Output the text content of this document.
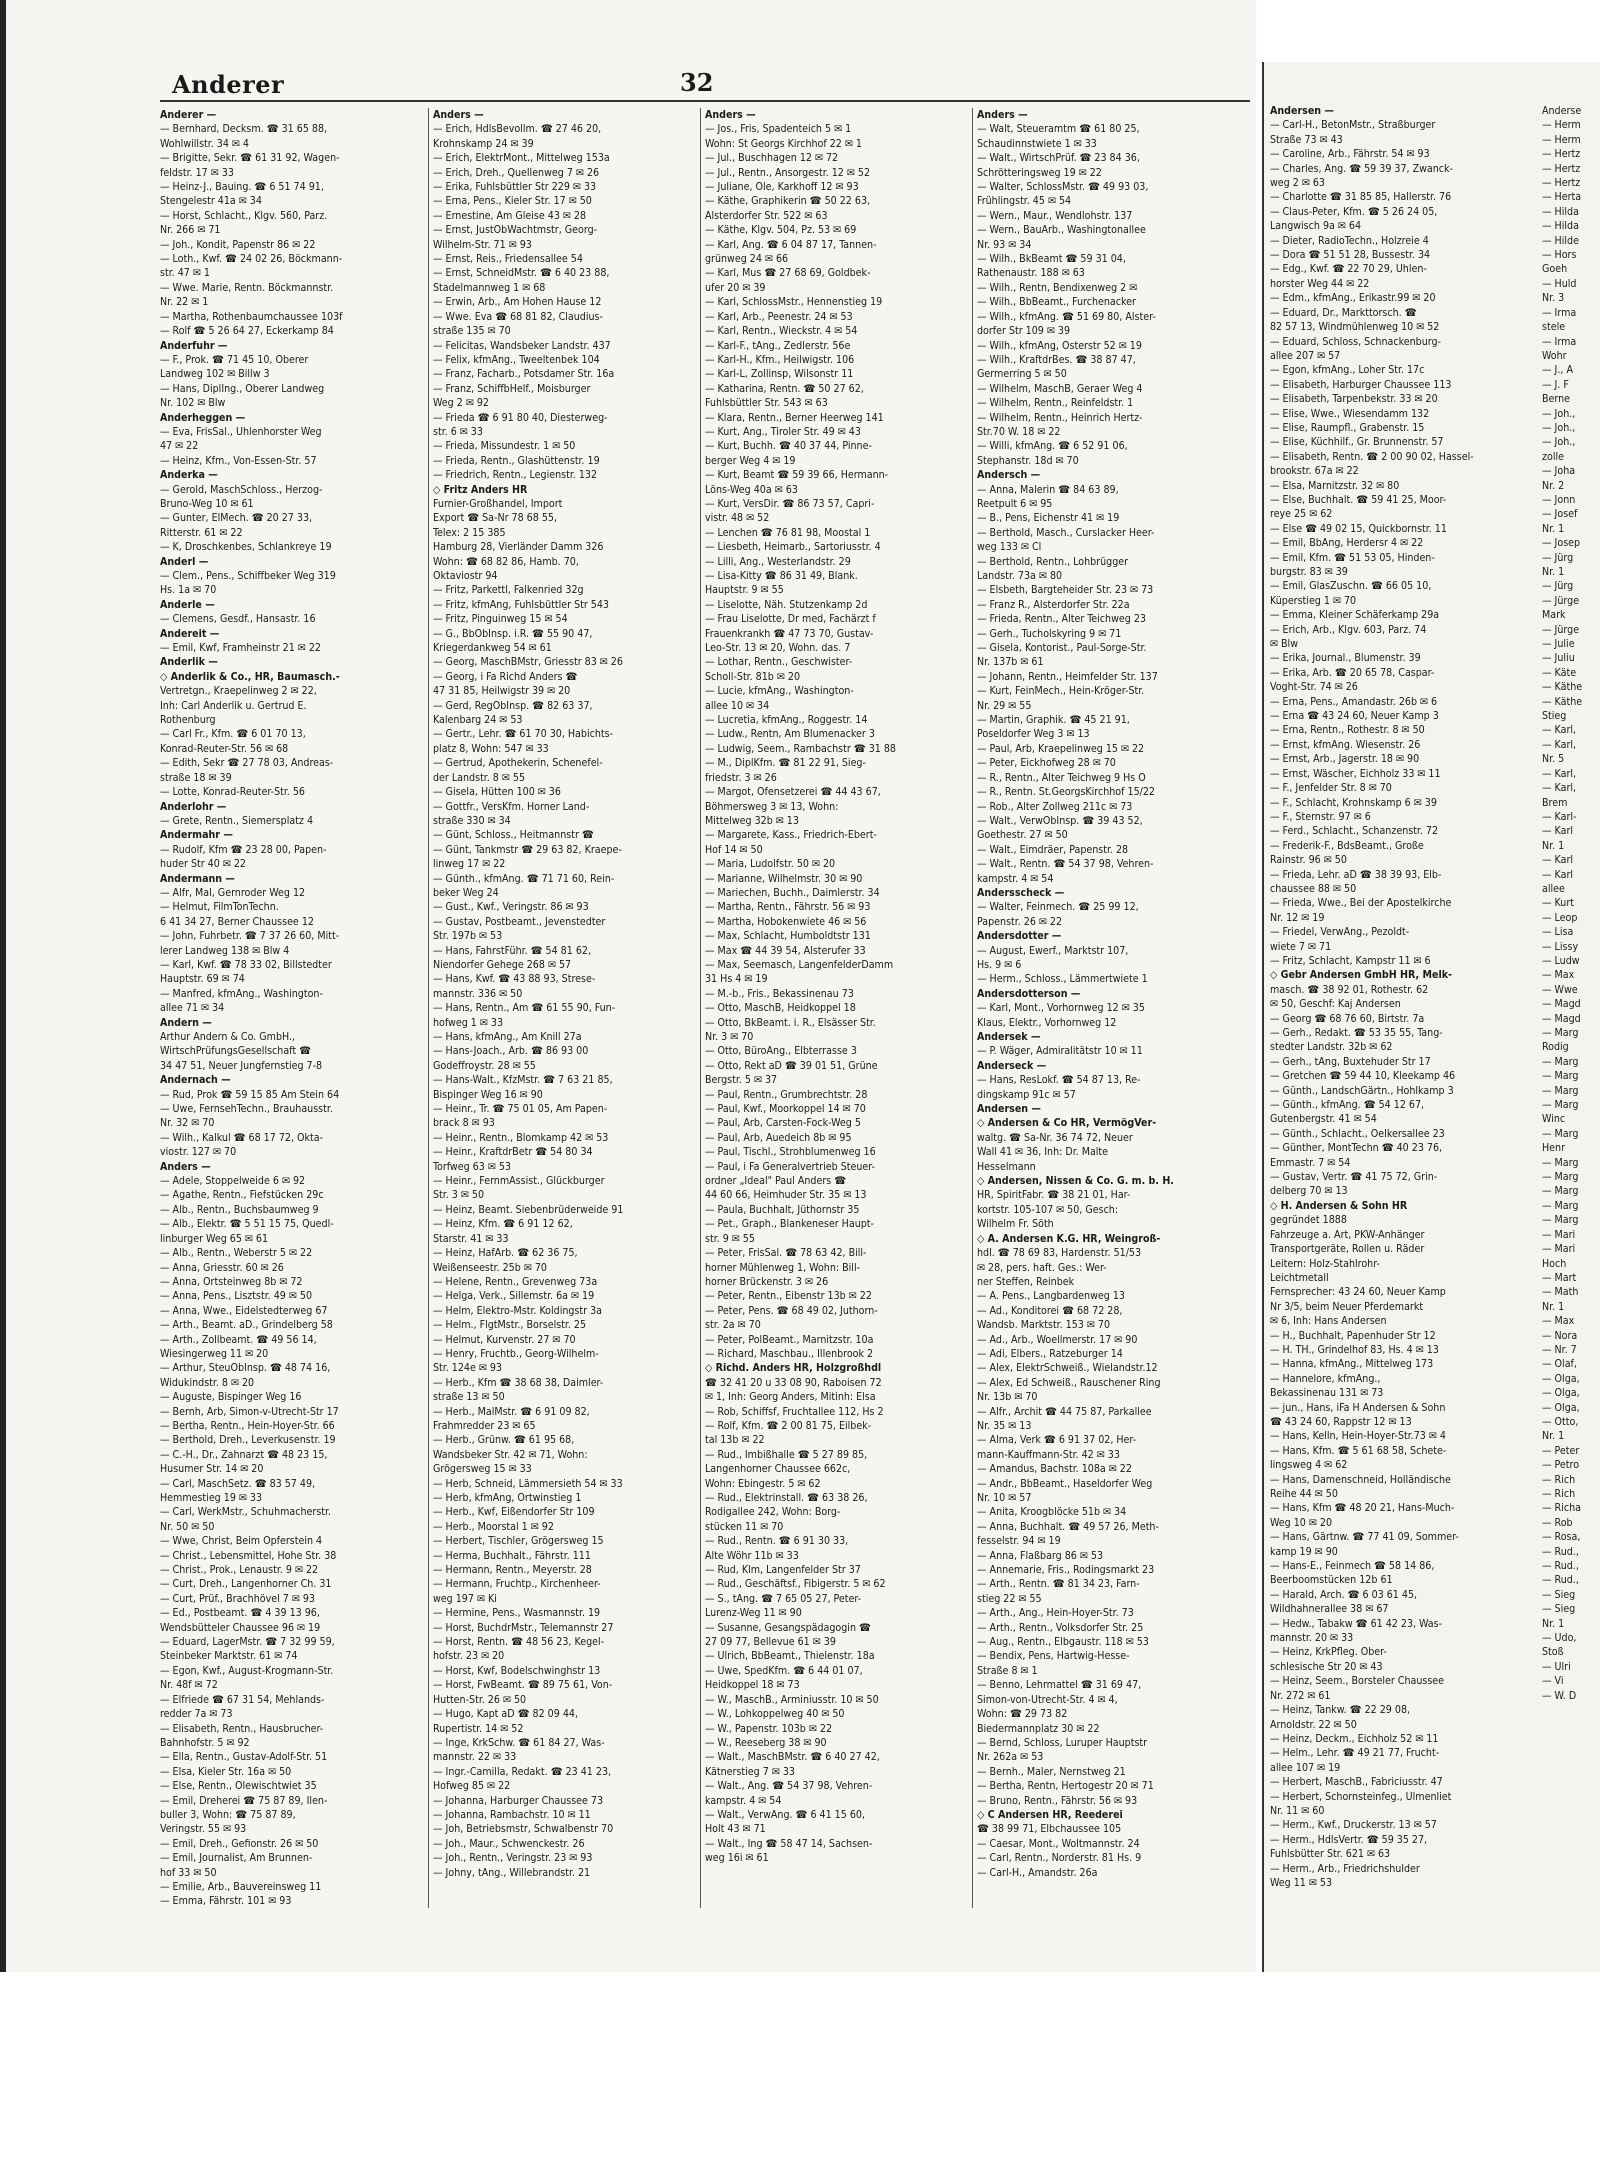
Anderer	32
Anderer —
— Bernhard, Decksm. ☎ 31 65 88,
Wohlwillstr. 34 ✉ 4
— Brigitte, Sekr. ☎ 61 31 92, Wagen-
feldstr. 17 ✉ 33
— Heinz-J., Bauing. ☎ 6 51 74 91,
Stengelestr 41a ✉ 34
— Horst, Schlacht., Klgv. 560, Parz.
Nr. 266 ✉ 71
— Joh., Kondit, Papenstr 86 ✉ 22
— Loth., Kwf. ☎ 24 02 26, Böckmann-
str. 47 ✉ 1
— Wwe. Marie, Rentn. Böckmannstr.
Nr. 22 ✉ 1
— Martha, Rothenbaumchaussee 103f
— Rolf ☎ 5 26 64 27, Eckerkamp 84
Anderfuhr —
— F., Prok. ☎ 71 45 10, Oberer
Landweg 102 ✉ Billw 3
— Hans, DiplIng., Oberer Landweg
Nr. 102 ✉ Blw
Anderheggen —
— Eva, FrisSal., Uhlenhorster Weg
47 ✉ 22
— Heinz, Kfm., Von-Essen-Str. 57
Anderka —
— Gerold, MaschSchloss., Herzog-
Bruno-Weg 10 ✉ 61
— Gunter, ElMech. ☎ 20 27 33,
Ritterstr. 61 ✉ 22
— K, Droschkenbes, Schlankreye 19
Anderl —
— Clem., Pens., Schiffbeker Weg 319
Hs. 1a ✉ 70
Anderle —
— Clemens, Gesdf., Hansastr. 16
Andereit —
— Emil, Kwf, Framheinstr 21 ✉ 22
Anderlik —
◇ Anderlik & Co., HR, Baumasch.-
Vertretgn., Kraepelinweg 2 ✉ 22,
Inh: Carl Anderlik u. Gertrud E.
Rothenburg
— Carl Fr., Kfm. ☎ 6 01 70 13,
Konrad-Reuter-Str. 56 ✉ 68
— Edith, Sekr ☎ 27 78 03, Andreas-
straße 18 ✉ 39
— Lotte, Konrad-Reuter-Str. 56
Anderlohr —
— Grete, Rentn., Siemersplatz 4
Andermahr —
— Rudolf, Kfm ☎ 23 28 00, Papen-
huder Str 40 ✉ 22
Andermann —
— Alfr, Mal, Gernroder Weg 12
— Helmut, FilmTonTechn.
6 41 34 27, Berner Chaussee 12
— John, Fuhrbetr. ☎ 7 37 26 60, Mitt-
lerer Landweg 138 ✉ Blw 4
— Karl, Kwf. ☎ 78 33 02, Billstedter
Hauptstr. 69 ✉ 74
— Manfred, kfmAng., Washington-
allee 71 ✉ 34
Andern —
Arthur Andern & Co. GmbH.,
WirtschPrüfungsGesellschaft ☎
34 47 51, Neuer Jungfernstieg 7-8
Andernach —
— Rud, Prok ☎ 59 15 85 Am Stein 64
— Uwe, FernsehTechn., Brauhausstr.
Nr. 32 ✉ 70
— Wilh., Kalkul ☎ 68 17 72, Okta-
viostr. 127 ✉ 70
Anders —
— Adele, Stoppelweide 6 ✉ 92
— Agathe, Rentn., Fiefstücken 29c
— Alb., Rentn., Buchsbaumweg 9
— Alb., Elektr. ☎ 5 51 15 75, Quedl-
linburger Weg 65 ✉ 61
— Alb., Rentn., Weberstr 5 ✉ 22
— Anna, Griesstr. 60 ✉ 26
— Anna, Ortsteinweg 8b ✉ 72
— Anna, Pens., Lisztstr. 49 ✉ 50
— Anna, Wwe., Eidelstedterweg 67
— Arth., Beamt. aD., Grindelberg 58
— Arth., Zollbeamt. ☎ 49 56 14,
Wiesingerweg 11 ✉ 20
— Arthur, SteuObInsp. ☎ 48 74 16,
Widukindstr. 8 ✉ 20
— Auguste, Bispinger Weg 16
— Bernh, Arb, Simon-v-Utrecht-Str 17
— Bertha, Rentn., Hein-Hoyer-Str. 66
— Berthold, Dreh., Leverkusenstr. 19
— C.-H., Dr., Zahnarzt ☎ 48 23 15,
Husumer Str. 14 ✉ 20
— Carl, MaschSetz. ☎ 83 57 49,
Hemmestieg 19 ✉ 33
— Carl, WerkMstr., Schuhmacherstr.
Nr. 50 ✉ 50
— Wwe, Christ, Beim Opferstein 4
— Christ., Lebensmittel, Hohe Str. 38
— Christ., Prok., Lenaustr. 9 ✉ 22
— Curt, Dreh., Langenhorner Ch. 31
— Curt, Prüf., Brachhövel 7 ✉ 93
— Ed., Postbeamt. ☎ 4 39 13 96,
Wendsbütteler Chaussee 96 ✉ 19
— Eduard, LagerMstr. ☎ 7 32 99 59,
Steinbeker Marktstr. 61 ✉ 74
— Egon, Kwf., August-Krogmann-Str.
Nr. 48f ✉ 72
— Elfriede ☎ 67 31 54, Mehlands-
redder 7a ✉ 73
— Elisabeth, Rentn., Hausbrucher-
Bahnhofstr. 5 ✉ 92
— Ella, Rentn., Gustav-Adolf-Str. 51
— Elsa, Kieler Str. 16a ✉ 50
— Else, Rentn., Olewischtwiet 35
— Emil, Dreherei ☎ 75 87 89, Ilen-
buller 3, Wohn: ☎ 75 87 89,
Veringstr. 55 ✉ 93
— Emil, Dreh., Gefionstr. 26 ✉ 50
— Emil, Journalist, Am Brunnen-
hof 33 ✉ 50
— Emilie, Arb., Bauvereinsweg 11
— Emma, Fährstr. 101 ✉ 93
Anders —
— Erich, HdlsBevollm. ☎ 27 46 20,
Krohnskamp 24 ✉ 39
— Erich, ElektrMont., Mittelweg 153a
— Erich, Dreh., Quellenweg 7 ✉ 26
— Erika, Fuhlsbüttler Str 229 ✉ 33
— Erna, Pens., Kieler Str. 17 ✉ 50
— Ernestine, Am Gleise 43 ✉ 28
— Ernst, JustObWachtmstr, Georg-
Wilhelm-Str. 71 ✉ 93
— Ernst, Reis., Friedensallee 54
— Ernst, SchneidMstr. ☎ 6 40 23 88,
Stadelmannweg 1 ✉ 68
— Erwin, Arb., Am Hohen Hause 12
— Wwe. Eva ☎ 68 81 82, Claudius-
straße 135 ✉ 70
— Felicitas, Wandsbeker Landstr. 437
— Felix, kfmAng., Tweeltenbek 104
— Franz, Facharb., Potsdamer Str. 16a
— Franz, SchiffbHelf., Moisburger
Weg 2 ✉ 92
— Frieda ☎ 6 91 80 40, Diesterweg-
str. 6 ✉ 33
— Frieda, Missundestr. 1 ✉ 50
— Frieda, Rentn., Glashüttenstr. 19
— Friedrich, Rentn., Legienstr. 132
◇ Fritz Anders HR
Furnier-Großhandel, Import
Export ☎ Sa-Nr 78 68 55,
Telex: 2 15 385
Hamburg 28, Vierländer Damm 326
Wohn: ☎ 68 82 86, Hamb. 70,
Oktaviostr 94
— Fritz, Parkettl, Falkenried 32g
— Fritz, kfmAng, Fuhlsbüttler Str 543
— Fritz, Pinguinweg 15 ✉ 54
— G., BbObInsp. i.R. ☎ 55 90 47,
Kriegerdankweg 54 ✉ 61
— Georg, MaschBMstr, Griesstr 83 ✉ 26
— Georg, i Fa Richd Anders ☎
47 31 85, Heilwigstr 39 ✉ 20
— Gerd, RegObInsp. ☎ 82 63 37,
Kalenbarg 24 ✉ 53
— Gertr., Lehr. ☎ 61 70 30, Habichts-
platz 8, Wohn: 547 ✉ 33
— Gertrud, Apothekerin, Schenefel-
der Landstr. 8 ✉ 55
— Gisela, Hütten 100 ✉ 36
— Gottfr., VersKfm. Horner Land-
straße 330 ✉ 34
— Günt, Schloss., Heitmannstr ☎
— Günt, Tankmstr ☎ 29 63 82, Kraepe-
linweg 17 ✉ 22
— Günth., kfmAng. ☎ 71 71 60, Rein-
beker Weg 24
— Gust., Kwf., Veringstr. 86 ✉ 93
— Gustav, Postbeamt., Jevenstedter
Str. 197b ✉ 53
— Hans, FahrstFühr. ☎ 54 81 62,
Niendorfer Gehege 268 ✉ 57
— Hans, Kwf. ☎ 43 88 93, Strese-
mannstr. 336 ✉ 50
— Hans, Rentn., Am ☎ 61 55 90, Fun-
hofweg 1 ✉ 33
— Hans, kfmAng., Am Knill 27a
— Hans-Joach., Arb. ☎ 86 93 00
Godeffroystr. 28 ✉ 55
— Hans-Walt., KfzMstr. ☎ 7 63 21 85,
Bispinger Weg 16 ✉ 90
— Heinr., Tr. ☎ 75 01 05, Am Papen-
brack 8 ✉ 93
— Heinr., Rentn., Blomkamp 42 ✉ 53
— Heinr., KraftdrBetr ☎ 54 80 34
Torfweg 63 ✉ 53
— Heinr., FernmAssist., Glückburger
Str. 3 ✉ 50
— Heinz, Beamt. Siebenbrüderweide 91
— Heinz, Kfm. ☎ 6 91 12 62,
Starstr. 41 ✉ 33
— Heinz, HafArb. ☎ 62 36 75,
Weißenseestr. 25b ✉ 70
— Helene, Rentn., Grevenweg 73a
— Helga, Verk., Sillemstr. 6a ✉ 19
— Helm, Elektro-Mstr. Koldingstr 3a
— Helm., FlgtMstr., Borselstr. 25
— Helmut, Kurvenstr. 27 ✉ 70
— Henry, Fruchtb., Georg-Wilhelm-
Str. 124e ✉ 93
— Herb., Kfm ☎ 38 68 38, Daimler-
straße 13 ✉ 50
— Herb., MalMstr. ☎ 6 91 09 82,
Frahmredder 23 ✉ 65
— Herb., Grünw. ☎ 61 95 68,
Wandsbeker Str. 42 ✉ 71, Wohn:
Grögersweg 15 ✉ 33
— Herb, Schneid, Lämmersieth 54 ✉ 33
— Herb, kfmAng, Ortwinstieg 1
— Herb., Kwf, Eißendorfer Str 109
— Herb., Moorstal 1 ✉ 92
— Herbert, Tischler, Grögersweg 15
— Herma, Buchhalt., Fährstr. 111
— Hermann, Rentn., Meyerstr. 28
— Hermann, Fruchtp., Kirchenheer-
weg 197 ✉ Ki
— Hermine, Pens., Wasmannstr. 19
— Horst, BuchdrMstr., Telemannstr 27
— Horst, Rentn. ☎ 48 56 23, Kegel-
hofstr. 23 ✉ 20
— Horst, Kwf, Bodelschwinghstr 13
— Horst, FwBeamt. ☎ 89 75 61, Von-
Hutten-Str. 26 ✉ 50
— Hugo, Kapt aD ☎ 82 09 44,
Rupertistr. 14 ✉ 52
— Inge, KrkSchw. ☎ 61 84 27, Was-
mannstr. 22 ✉ 33
— Ingr.-Camilla, Redakt. ☎ 23 41 23,
Hofweg 85 ✉ 22
— Johanna, Harburger Chaussee 73
— Johanna, Rambachstr. 10 ✉ 11
— Joh, Betriebsmstr, Schwalbenstr 70
— Joh., Maur., Schwenckestr. 26
— Joh., Rentn., Veringstr. 23 ✉ 93
— Johny, tAng., Willebrandstr. 21
Anders —
— Jos., Fris, Spadenteich 5 ✉ 1
Wohn: St Georgs Kirchhof 22 ✉ 1
— Jul., Buschhagen 12 ✉ 72
— Jul., Rentn., Ansorgestr. 12 ✉ 52
— Juliane, Ole, Karkhoff 12 ✉ 93
— Käthe, Graphikerin ☎ 50 22 63,
Alsterdorfer Str. 522 ✉ 63
— Käthe, Klgv. 504, Pz. 53 ✉ 69
— Karl, Ang. ☎ 6 04 87 17, Tannen-
grünweg 24 ✉ 66
— Karl, Mus ☎ 27 68 69, Goldbek-
ufer 20 ✉ 39
— Karl, SchlossMstr., Hennenstieg 19
— Karl, Arb., Peenestr. 24 ✉ 53
— Karl, Rentn., Wieckstr. 4 ✉ 54
— Karl-F., tAng., Zedlerstr. 56e
— Karl-H., Kfm., Heilwigstr. 106
— Karl-L, Zollinsp, Wilsonstr 11
— Katharina, Rentn. ☎ 50 27 62,
Fuhlsbüttler Str. 543 ✉ 63
— Klara, Rentn., Berner Heerweg 141
— Kurt, Ang., Tiroler Str. 49 ✉ 43
— Kurt, Buchh. ☎ 40 37 44, Pinne-
berger Weg 4 ✉ 19
— Kurt, Beamt ☎ 59 39 66, Hermann-
Löns-Weg 40a ✉ 63
— Kurt, VersDir. ☎ 86 73 57, Capri-
vistr. 48 ✉ 52
— Lenchen ☎ 76 81 98, Moostal 1
— Liesbeth, Heimarb., Sartoriusstr. 4
— Lilli, Ang., Westerlandstr. 29
— Lisa-Kitty ☎ 86 31 49, Blank.
Hauptstr. 9 ✉ 55
— Liselotte, Näh. Stutzenkamp 2d
— Frau Liselotte, Dr med, Fachärzt f
Frauenkrankh ☎ 47 73 70, Gustav-
Leo-Str. 13 ✉ 20, Wohn. das. 7
— Lothar, Rentn., Geschwister-
Scholl-Str. 81b ✉ 20
— Lucie, kfmAng., Washington-
allee 10 ✉ 34
— Lucretia, kfmAng., Roggestr. 14
— Ludw., Rentn, Am Blumenacker 3
— Ludwig, Seem., Rambachstr ☎ 31 88
— M., DiplKfm. ☎ 81 22 91, Sieg-
friedstr. 3 ✉ 26
— Margot, Ofensetzerei ☎ 44 43 67,
Böhmersweg 3 ✉ 13, Wohn:
Mittelweg 32b ✉ 13
— Margarete, Kass., Friedrich-Ebert-
Hof 14 ✉ 50
— Maria, Ludolfstr. 50 ✉ 20
— Marianne, Wilhelmstr. 30 ✉ 90
— Mariechen, Buchh., Daimlerstr. 34
— Martha, Rentn., Fährstr. 56 ✉ 93
— Martha, Hobokenwiete 46 ✉ 56
— Max, Schlacht, Humboldtstr 131
— Max ☎ 44 39 54, Alsterufer 33
— Max, Seemasch, LangenfelderDamm
31 Hs 4 ✉ 19
— M.-b., Fris., Bekassinenau 73
— Otto, MaschB, Heidkoppel 18
— Otto, BkBeamt. i. R., Elsässer Str.
Nr. 3 ✉ 70
— Otto, BüroAng., Elbterrasse 3
— Otto, Rekt aD ☎ 39 01 51, Grüne
Bergstr. 5 ✉ 37
— Paul, Rentn., Grumbrechtstr. 28
— Paul, Kwf., Moorkoppel 14 ✉ 70
— Paul, Arb, Carsten-Fock-Weg 5
— Paul, Arb, Auedeich 8b ✉ 95
— Paul, Tischl., Strohblumenweg 16
— Paul, i Fa Generalvertrieb Steuer-
ordner „Ideal" Paul Anders ☎
44 60 66, Heimhuder Str. 35 ✉ 13
— Paula, Buchhalt, Jüthornstr 35
— Pet., Graph., Blankeneser Haupt-
str. 9 ✉ 55
— Peter, FrisSal. ☎ 78 63 42, Bill-
horner Mühlenweg 1, Wohn: Bill-
horner Brückenstr. 3 ✉ 26
— Peter, Rentn., Eibenstr 13b ✉ 22
— Peter, Pens. ☎ 68 49 02, Juthorn-
str. 2a ✉ 70
— Peter, PolBeamt., Marnitzstr. 10a
— Richard, Maschbau., Illenbrook 2
◇ Richd. Anders HR, Holzgroßhdl
☎ 32 41 20 u 33 08 90, Raboisen 72
✉ 1, Inh: Georg Anders, Mitinh: Elsa
— Rob, Schiffsf, Fruchtallee 112, Hs 2
— Rolf, Kfm. ☎ 2 00 81 75, Eilbek-
tal 13b ✉ 22
— Rud., Imbißhalle ☎ 5 27 89 85,
Langenhorner Chaussee 662c,
Wohn: Ebingestr. 5 ✉ 62
— Rud., Elektrinstall. ☎ 63 38 26,
Rodigallee 242, Wohn: Borg-
stücken 11 ✉ 70
— Rud., Rentn. ☎ 6 91 30 33,
Alte Wöhr 11b ✉ 33
— Rud, Klm, Langenfelder Str 37
— Rud., Geschäftsf., Fibigerstr. 5 ✉ 62
— S., tAng. ☎ 7 65 05 27, Peter-
Lurenz-Weg 11 ✉ 90
— Susanne, Gesangspädagogin ☎
27 09 77, Bellevue 61 ✉ 39
— Ulrich, BbBeamt., Thielenstr. 18a
— Uwe, SpedKfm. ☎ 6 44 01 07,
Heidkoppel 18 ✉ 73
— W., MaschB., Arminiusstr. 10 ✉ 50
— W., Lohkoppelweg 40 ✉ 50
— W., Papenstr. 103b ✉ 22
— W., Reeseberg 38 ✉ 90
— Walt., MaschBMstr. ☎ 6 40 27 42,
Kätnerstieg 7 ✉ 33
— Walt., Ang. ☎ 54 37 98, Vehren-
kampstr. 4 ✉ 54
— Walt., VerwAng. ☎ 6 41 15 60,
Holt 43 ✉ 71
— Walt., Ing ☎ 58 47 14, Sachsen-
weg 16i ✉ 61
Anders —
— Walt, Steueramtm ☎ 61 80 25,
Schaudinnstwiete 1 ✉ 33
— Walt., WirtschPrüf. ☎ 23 84 36,
Schrötteringsweg 19 ✉ 22
— Walter, SchlossMstr. ☎ 49 93 03,
Frühlingstr. 45 ✉ 54
— Wern., Maur., Wendlohstr. 137
— Wern., BauArb., Washingtonallee
Nr. 93 ✉ 34
— Wilh., BkBeamt ☎ 59 31 04,
Rathenaustr. 188 ✉ 63
— Wilh., Rentn, Bendixenweg 2 ✉
— Wilh., BbBeamt., Furchenacker
— Wilh., kfmAng. ☎ 51 69 80, Alster-
dorfer Str 109 ✉ 39
— Wilh., kfmAng, Osterstr 52 ✉ 19
— Wilh., KraftdrBes. ☎ 38 87 47,
Germerring 5 ✉ 50
— Wilhelm, MaschB, Geraer Weg 4
— Wilhelm, Rentn., Reinfeldstr. 1
— Wilhelm, Rentn., Heinrich Hertz-
Str.70 W. 18 ✉ 22
— Willi, kfmAng. ☎ 6 52 91 06,
Stephanstr. 18d ✉ 70
Andersch —
— Anna, Malerin ☎ 84 63 89,
Reetpult 6 ✉ 95
— B., Pens, Eichenstr 41 ✉ 19
— Berthold, Masch., Curslacker Heer-
weg 133 ✉ Cl
— Berthold, Rentn., Lohbrügger
Landstr. 73a ✉ 80
— Elsbeth, Bargteheider Str. 23 ✉ 73
— Franz R., Alsterdorfer Str. 22a
— Frieda, Rentn., Alter Teichweg 23
— Gerh., Tucholskyring 9 ✉ 71
— Gisela, Kontorist., Paul-Sorge-Str.
Nr. 137b ✉ 61
— Johann, Rentn., Heimfelder Str. 137
— Kurt, FeinMech., Hein-Kröger-Str.
Nr. 29 ✉ 55
— Martin, Graphik. ☎ 45 21 91,
Poseldorfer Weg 3 ✉ 13
— Paul, Arb, Kraepelinweg 15 ✉ 22
— Peter, Eickhofweg 28 ✉ 70
— R., Rentn., Alter Teichweg 9 Hs O
— R., Rentn. St.GeorgsKirchhof 15/22
— Rob., Alter Zollweg 211c ✉ 73
— Walt., VerwObInsp. ☎ 39 43 52,
Goethestr. 27 ✉ 50
— Walt., Eimdräer, Papenstr. 28
— Walt., Rentn. ☎ 54 37 98, Vehren-
kampstr. 4 ✉ 54
Andersscheck —
— Walter, Feinmech. ☎ 25 99 12,
Papenstr. 26 ✉ 22
Andersdotter —
— August, Ewerf., Marktstr 107,
Hs. 9 ✉ 6
— Herm., Schloss., Lämmertwiete 1
Andersdotterson —
— Karl, Mont., Vorhornweg 12 ✉ 35
Klaus, Elektr., Vorhornweg 12
Andersek —
— P. Wäger, Admiralitätstr 10 ✉ 11
Anderseck —
— Hans, ResLokf. ☎ 54 87 13, Re-
dingskamp 91c ✉ 57
Andersen —
◇ Andersen & Co HR, VermögVer-
waltg. ☎ Sa-Nr. 36 74 72, Neuer
Wall 41 ✉ 36, Inh: Dr. Malte
Hesselmann
◇ Andersen, Nissen & Co. G. m. b. H.
HR, SpiritFabr. ☎ 38 21 01, Har-
kortstr. 105-107 ✉ 50, Gesch:
Wilhelm Fr. Söth
◇ A. Andersen K.G. HR, Weingroß-
hdl. ☎ 78 69 83, Hardenstr. 51/53
✉ 28, pers. haft. Ges.: Wer-
ner Steffen, Reinbek
— A. Pens., Langbardenweg 13
— Ad., Konditorei ☎ 68 72 28,
Wandsb. Marktstr. 153 ✉ 70
— Ad., Arb., Woellmerstr. 17 ✉ 90
— Adi, Elbers., Ratzeburger 14
— Alex, ElektrSchweiß., Wielandstr.12
— Alex, Ed Schweiß., Rauschener Ring
Nr. 13b ✉ 70
— Alfr., Archit ☎ 44 75 87, Parkallee
Nr. 35 ✉ 13
— Alma, Verk ☎ 6 91 37 02, Her-
mann-Kauffmann-Str. 42 ✉ 33
— Amandus, Bachstr. 108a ✉ 22
— Andr., BbBeamt., Haseldorfer Weg
Nr. 10 ✉ 57
— Anita, Kroogblöcke 51b ✉ 34
— Anna, Buchhalt. ☎ 49 57 26, Meth-
fesselstr. 94 ✉ 19
— Anna, Flaßbarg 86 ✉ 53
— Annemarie, Fris., Rodingsmarkt 23
— Arth., Rentn. ☎ 81 34 23, Farn-
stieg 22 ✉ 55
— Arth., Ang., Hein-Hoyer-Str. 73
— Arth., Rentn., Volksdorfer Str. 25
— Aug., Rentn., Elbgaustr. 118 ✉ 53
— Bendix, Pens, Hartwig-Hesse-
Straße 8 ✉ 1
— Benno, Lehrmattel ☎ 31 69 47,
Simon-von-Utrecht-Str. 4 ✉ 4,
Wohn: ☎ 29 73 82
Biedermannplatz 30 ✉ 22
— Bernd, Schloss, Luruper Hauptstr
Nr. 262a ✉ 53
— Bernh., Maler, Nernstweg 21
— Bertha, Rentn, Hertogestr 20 ✉ 71
— Bruno, Rentn., Fährstr. 56 ✉ 93
◇ C Andersen HR, Reederei
☎ 38 99 71, Elbchaussee 105
— Caesar, Mont., Woltmannstr. 24
— Carl, Rentn., Norderstr. 81 Hs. 9
— Carl-H., Amandstr. 26a
Andersen —
— Carl-H., BetonMstr., Straßburger
Straße 73 ✉ 43
— Caroline, Arb., Fährstr. 54 ✉ 93
— Charles, Ang. ☎ 59 39 37, Zwanck-
weg 2 ✉ 63
— Charlotte ☎ 31 85 85, Hallerstr. 76
— Claus-Peter, Kfm. ☎ 5 26 24 05,
Langwisch 9a ✉ 64
— Dieter, RadioTechn., Holzreie 4
— Dora ☎ 51 51 28, Bussestr. 34
— Edg., Kwf. ☎ 22 70 29, Uhlen-
horster Weg 44 ✉ 22
— Edm., kfmAng., Erikastr.99 ✉ 20
— Eduard, Dr., Markttorsch. ☎
82 57 13, Windmühlenweg 10 ✉ 52
— Eduard, Schloss, Schnackenburg-
allee 207 ✉ 57
— Egon, kfmAng., Loher Str. 17c
— Elisabeth, Harburger Chaussee 113
— Elisabeth, Tarpenbekstr. 33 ✉ 20
— Elise, Wwe., Wiesendamm 132
— Elise, Raumpfl., Grabenstr. 15
— Elise, Küchhilf., Gr. Brunnenstr. 57
— Elisabeth, Rentn. ☎ 2 00 90 02, Hassel-
brookstr. 67a ✉ 22
— Elsa, Marnitzstr. 32 ✉ 80
— Else, Buchhalt. ☎ 59 41 25, Moor-
reye 25 ✉ 62
— Else ☎ 49 02 15, Quickbornstr. 11
— Emil, BbAng, Herdersr 4 ✉ 22
— Emil, Kfm. ☎ 51 53 05, Hinden-
burgstr. 83 ✉ 39
— Emil, GlasZuschn. ☎ 66 05 10,
Küperstieg 1 ✉ 70
— Emma, Kleiner Schäferkamp 29a
— Erich, Arb., Klgv. 603, Parz. 74
✉ Blw
— Erika, Journal., Blumenstr. 39
— Erika, Arb. ☎ 20 65 78, Caspar-
Voght-Str. 74 ✉ 26
— Erna, Pens., Amandastr. 26b ✉ 6
— Erna ☎ 43 24 60, Neuer Kamp 3
— Erna, Rentn., Rothestr. 8 ✉ 50
— Ernst, kfmAng. Wiesenstr. 26
— Ernst, Arb., Jagerstr. 18 ✉ 90
— Ernst, Wäscher, Eichholz 33 ✉ 11
— F., Jenfelder Str. 8 ✉ 70
— F., Schlacht, Krohnskamp 6 ✉ 39
— F., Sternstr. 97 ✉ 6
— Ferd., Schlacht., Schanzenstr. 72
— Frederik-F., BdsBeamt., Große
Rainstr. 96 ✉ 50
— Frieda, Lehr. aD ☎ 38 39 93, Elb-
chaussee 88 ✉ 50
— Frieda, Wwe., Bei der Apostelkirche
Nr. 12 ✉ 19
— Friedel, VerwAng., Pezoldt-
wiete 7 ✉ 71
— Fritz, Schlacht, Kampstr 11 ✉ 6
◇ Gebr Andersen GmbH HR, Melk-
masch. ☎ 38 92 01, Rothestr. 62
✉ 50, Geschf: Kaj Andersen
— Georg ☎ 68 76 60, Birtstr. 7a
— Gerh., Redakt. ☎ 53 35 55, Tang-
stedter Landstr. 32b ✉ 62
— Gerh., tAng, Buxtehuder Str 17
— Gretchen ☎ 59 44 10, Kleekamp 46
— Günth., LandschGärtn., Hohlkamp 3
— Günth., kfmAng. ☎ 54 12 67,
Gutenbergstr. 41 ✉ 54
— Günth., Schlacht., Oelkersallee 23
— Günther, MontTechn ☎ 40 23 76,
Emmastr. 7 ✉ 54
— Gustav, Vertr. ☎ 41 75 72, Grin-
delberg 70 ✉ 13
◇ H. Andersen & Sohn HR
gegründet 1888
Fahrzeuge a. Art, PKW-Anhänger
Transportgeräte, Rollen u. Räder
Leitern: Holz-Stahlrohr-
Leichtmetall
Fernsprecher: 43 24 60, Neuer Kamp
Nr 3/5, beim Neuer Pferdemarkt
✉ 6, Inh: Hans Andersen
— H., Buchhalt, Papenhuder Str 12
— H. TH., Grindelhof 83, Hs. 4 ✉ 13
— Hanna, kfmAng., Mittelweg 173
— Hannelore, kfmAng.,
Bekassinenau 131 ✉ 73
— jun., Hans, iFa H Andersen & Sohn
☎ 43 24 60, Rappstr 12 ✉ 13
— Hans, Kelln, Hein-Hoyer-Str.73 ✉ 4
— Hans, Kfm. ☎ 5 61 68 58, Schete-
lingsweg 4 ✉ 62
— Hans, Damenschneid, Holländische
Reihe 44 ✉ 50
— Hans, Kfm ☎ 48 20 21, Hans-Much-
Weg 10 ✉ 20
— Hans, Gärtnw. ☎ 77 41 09, Sommer-
kamp 19 ✉ 90
— Hans-E., Feinmech ☎ 58 14 86,
Beerboomstücken 12b 61
— Harald, Arch. ☎ 6 03 61 45,
Wildhahnerallee 38 ✉ 67
— Hedw., Tabakw ☎ 61 42 23, Was-
mannstr. 20 ✉ 33
— Heinz, KrkPfleg. Ober-
schlesische Str 20 ✉ 43
— Heinz, Seem., Borsteler Chaussee
Nr. 272 ✉ 61
— Heinz, Tankw. ☎ 22 29 08,
Arnoldstr. 22 ✉ 50
— Heinz, Deckm., Eichholz 52 ✉ 11
— Helm., Lehr. ☎ 49 21 77, Frucht-
allee 107 ✉ 19
— Herbert, MaschB., Fabriciusstr. 47
— Herbert, Schornsteinfeg., Ulmenliet
Nr. 11 ✉ 60
— Herm., Kwf., Druckerstr. 13 ✉ 57
— Herm., HdlsVertr. ☎ 59 35 27,
Fuhlsbütter Str. 621 ✉ 63
— Herm., Arb., Friedrichshulder
Weg 11 ✉ 53
Anderse
— Herm
— Herm
— Hertz
— Hertz
— Hertz
— Herta
— Hilda
— Hilda
— Hilde
— Hors
Goeh
— Huld
Nr. 3
— Irma
stele
— Irma
Wohr
— J., A
— J. F
Berne
— Joh.,
— Joh.,
— Joh.,
zolle
— Joha
Nr. 2
— Jonn
— Josef
Nr. 1
— Josep
— Jürg
Nr. 1
— Jürg
— Jürge
Mark
— Jürge
— Julie
— Juliu
— Käte
— Käthe
— Käthe
Stieg
— Karl,
— Karl,
Nr. 5
— Karl,
— Karl,
Brem
— Karl-
— Karl
Nr. 1
— Karl
— Karl
allee
— Kurt
— Leop
— Lisa
— Lissy
— Ludw
— Max
— Wwe
— Magd
— Magd
— Marg
Rodig
— Marg
— Marg
— Marg
— Marg
Winc
— Marg
Henr
— Marg
— Marg
— Marg
— Marg
— Marg
— Mari
— Mari
Hoch
— Mart
— Math
Nr. 1
— Max
— Nora
— Nr. 7
— Olaf,
— Olga,
— Olga,
— Olga,
— Otto,
Nr. 1
— Peter
— Petro
— Rich
— Rich
— Richa
— Rob
— Rosa,
— Rud.,
— Rud.,
— Rud.,
— Sieg
— Sieg
Nr. 1
— Udo,
Stoß
— Ulri
— Vi
— W. D
